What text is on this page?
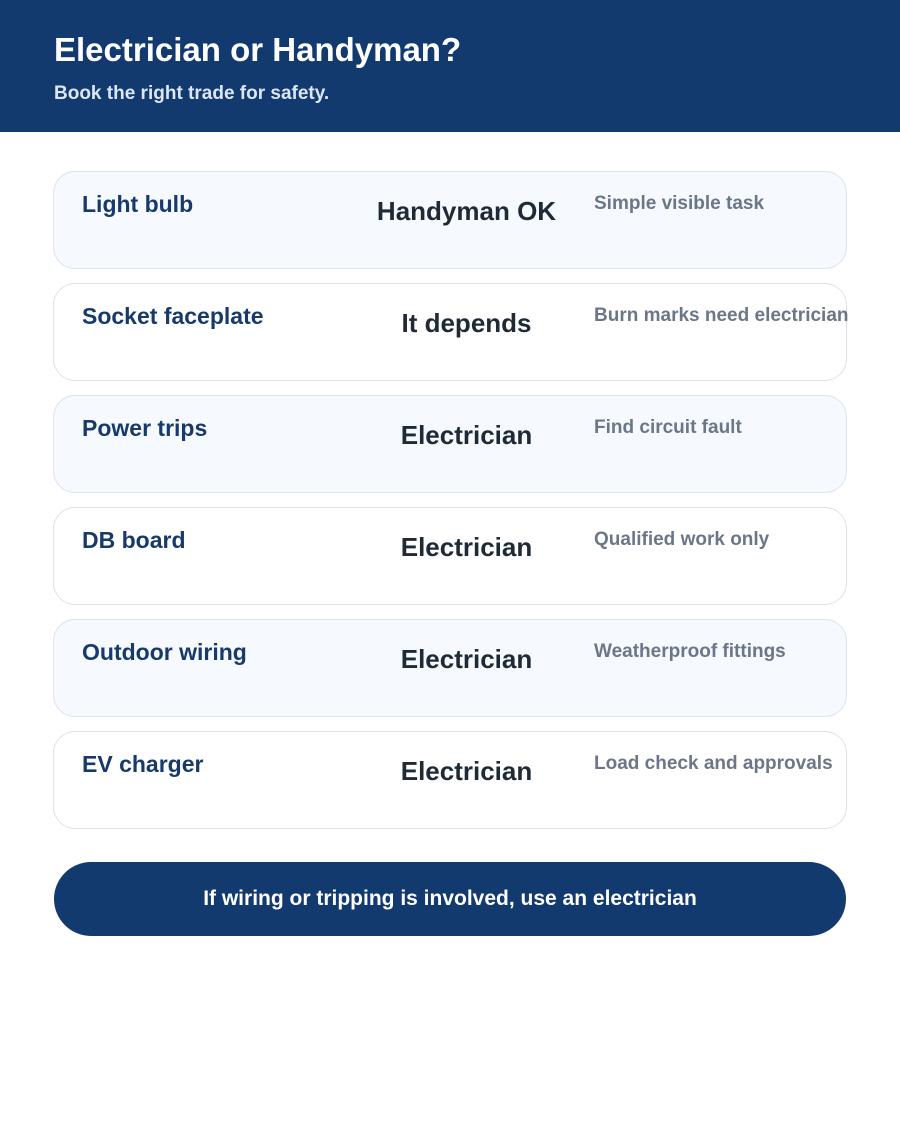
Electrician or Handyman?

Book the right trade for safety.

Light bulb	Handyman OK	Simple visible task
Socket faceplate	It depends	Burn marks need electrician
Power trips	Electrician	Find circuit fault
DB board	Electrician	Qualified work only
Outdoor wiring	Electrician	Weatherproof fittings
EV charger	Electrician	Load check and approvals
If wiring or tripping is involved, use an electrician
